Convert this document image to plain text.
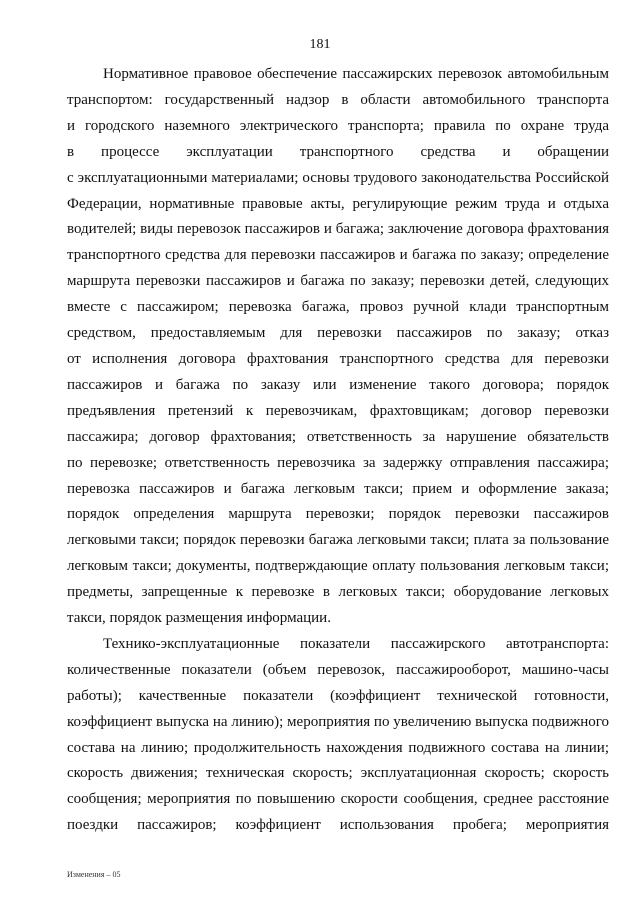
181
Нормативное правовое обеспечение пассажирских перевозок автомобильным
транспортом: государственный надзор в области автомобильного транспорта
и городского наземного электрического транспорта; правила по охране труда
в процессе эксплуатации транспортного средства и обращении
с эксплуатационными материалами; основы трудового законодательства Российской
Федерации, нормативные правовые акты, регулирующие режим труда и отдыха
водителей; виды перевозок пассажиров и багажа; заключение договора фрахтования
транспортного средства для перевозки пассажиров и багажа по заказу; определение
маршрута перевозки пассажиров и багажа по заказу; перевозки детей, следующих
вместе с пассажиром; перевозка багажа, провоз ручной клади транспортным
средством, предоставляемым для перевозки пассажиров по заказу; отказ
от исполнения договора фрахтования транспортного средства для перевозки
пассажиров и багажа по заказу или изменение такого договора; порядок
предъявления претензий к перевозчикам, фрахтовщикам; договор перевозки
пассажира; договор фрахтования; ответственность за нарушение обязательств
по перевозке; ответственность перевозчика за задержку отправления пассажира;
перевозка пассажиров и багажа легковым такси; прием и оформление заказа;
порядок определения маршрута перевозки; порядок перевозки пассажиров
легковыми такси; порядок перевозки багажа легковыми такси; плата за пользование
легковым такси; документы, подтверждающие оплату пользования легковым такси;
предметы, запрещенные к перевозке в легковых такси; оборудование легковых
такси, порядок размещения информации.
Технико-эксплуатационные показатели пассажирского автотранспорта:
количественные показатели (объем перевозок, пассажирооборот, машино-часы
работы); качественные показатели (коэффициент технической готовности,
коэффициент выпуска на линию); мероприятия по увеличению выпуска подвижного
состава на линию; продолжительность нахождения подвижного состава на линии;
скорость движения; техническая скорость; эксплуатационная скорость; скорость
сообщения; мероприятия по повышению скорости сообщения, среднее расстояние
поездки пассажиров; коэффициент использования пробега; мероприятия
Изменения – 05
